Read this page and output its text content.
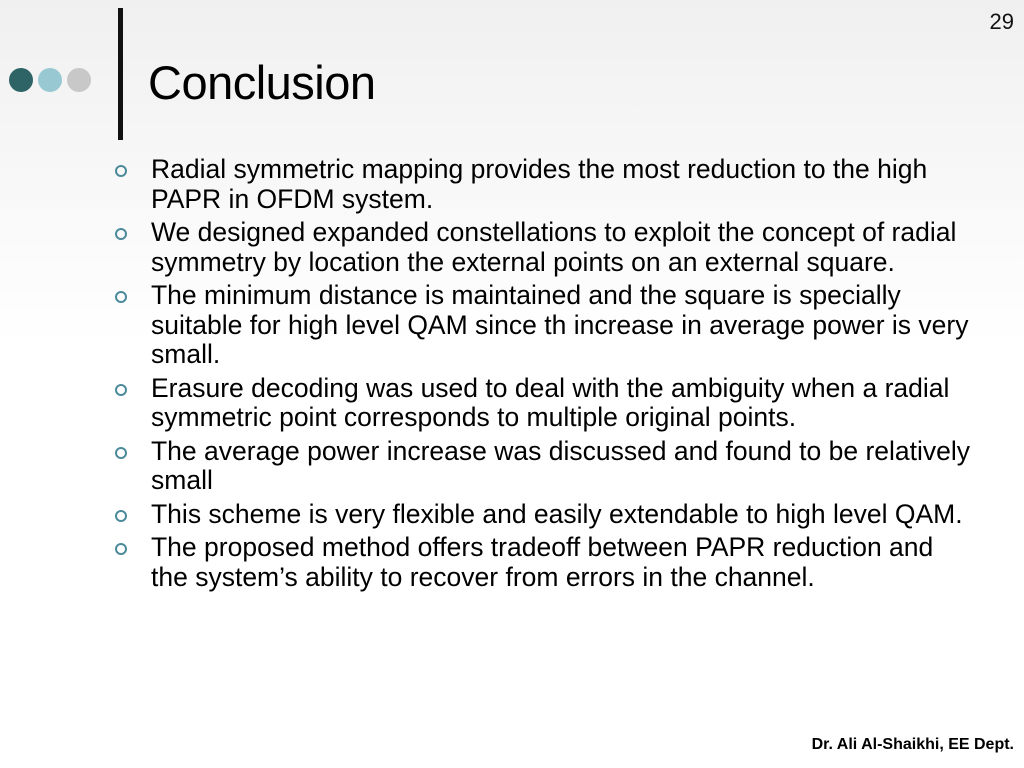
29
Conclusion
Radial symmetric mapping provides the most reduction to the high PAPR in OFDM system.
We designed expanded constellations to exploit the concept of radial symmetry by location the external points on an external square.
The minimum distance is maintained and the square is specially suitable for high level QAM since th increase in average power is very small.
Erasure decoding was used to deal with the ambiguity when a radial symmetric point corresponds to multiple original points.
The average power increase was discussed and found to be relatively small
This scheme is very flexible and easily extendable to high level QAM.
The proposed method offers tradeoff between PAPR reduction and the system’s ability to recover from errors in the channel.
Dr. Ali Al-Shaikhi, EE Dept.
